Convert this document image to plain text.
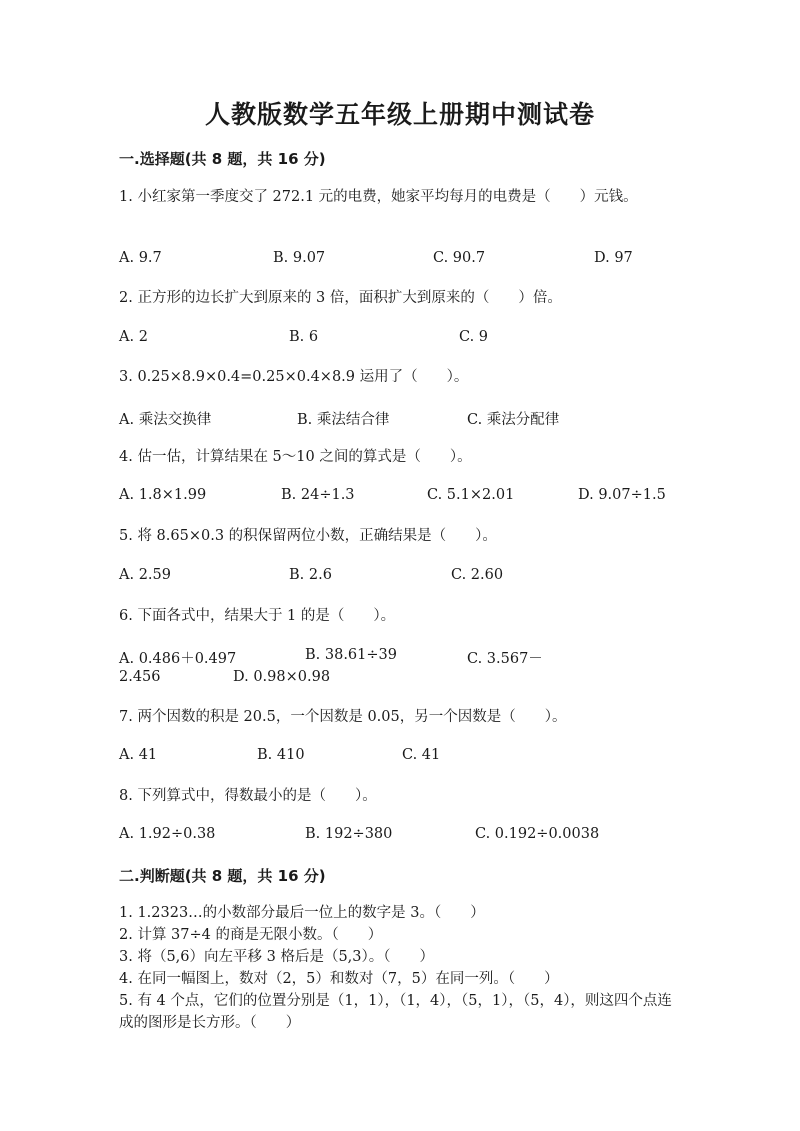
人教版数学五年级上册期中测试卷
一.选择题(共 8 题，共 16 分)
1. 小红家第一季度交了 272.1 元的电费，她家平均每月的电费是（　　）元钱。
A. 9.7	B. 9.07	C. 90.7	D. 97
2. 正方形的边长扩大到原来的 3 倍，面积扩大到原来的（　　）倍。
A. 2	B. 6	C. 9
3. 0.25×8.9×0.4=0.25×0.4×8.9 运用了（　　）。
A. 乘法交换律	B. 乘法结合律	C. 乘法分配律
4. 估一估，计算结果在 5～10 之间的算式是（　　）。
A. 1.8×1.99	B. 24÷1.3	C. 5.1×2.01	D. 9.07÷1.5
5. 将 8.65×0.3 的积保留两位小数，正确结果是（　　）。
A. 2.59	B. 2.6	C. 2.60
6. 下面各式中，结果大于 1 的是（　　）。
A. 0.486＋0.497	B. 38.61÷39	C. 3.567－
2.456	D. 0.98×0.98
7. 两个因数的积是 20.5，一个因数是 0.05，另一个因数是（　　）。
A. 41	B. 410	C. 41
8. 下列算式中，得数最小的是（　　）。
A. 1.92÷0.38	B. 192÷380	C. 0.192÷0.0038
二.判断题(共 8 题，共 16 分)
1. 1.2323…的小数部分最后一位上的数字是 3。（　　）
2. 计算 37÷4 的商是无限小数。（　　）
3. 将（5,6）向左平移 3 格后是（5,3）。（　　）
4. 在同一幅图上，数对（2，5）和数对（7，5）在同一列。（　　）
5. 有 4 个点，它们的位置分别是（1，1），（1，4），（5，1），（5，4），则这四个点连成的图形是长方形。（　　）
